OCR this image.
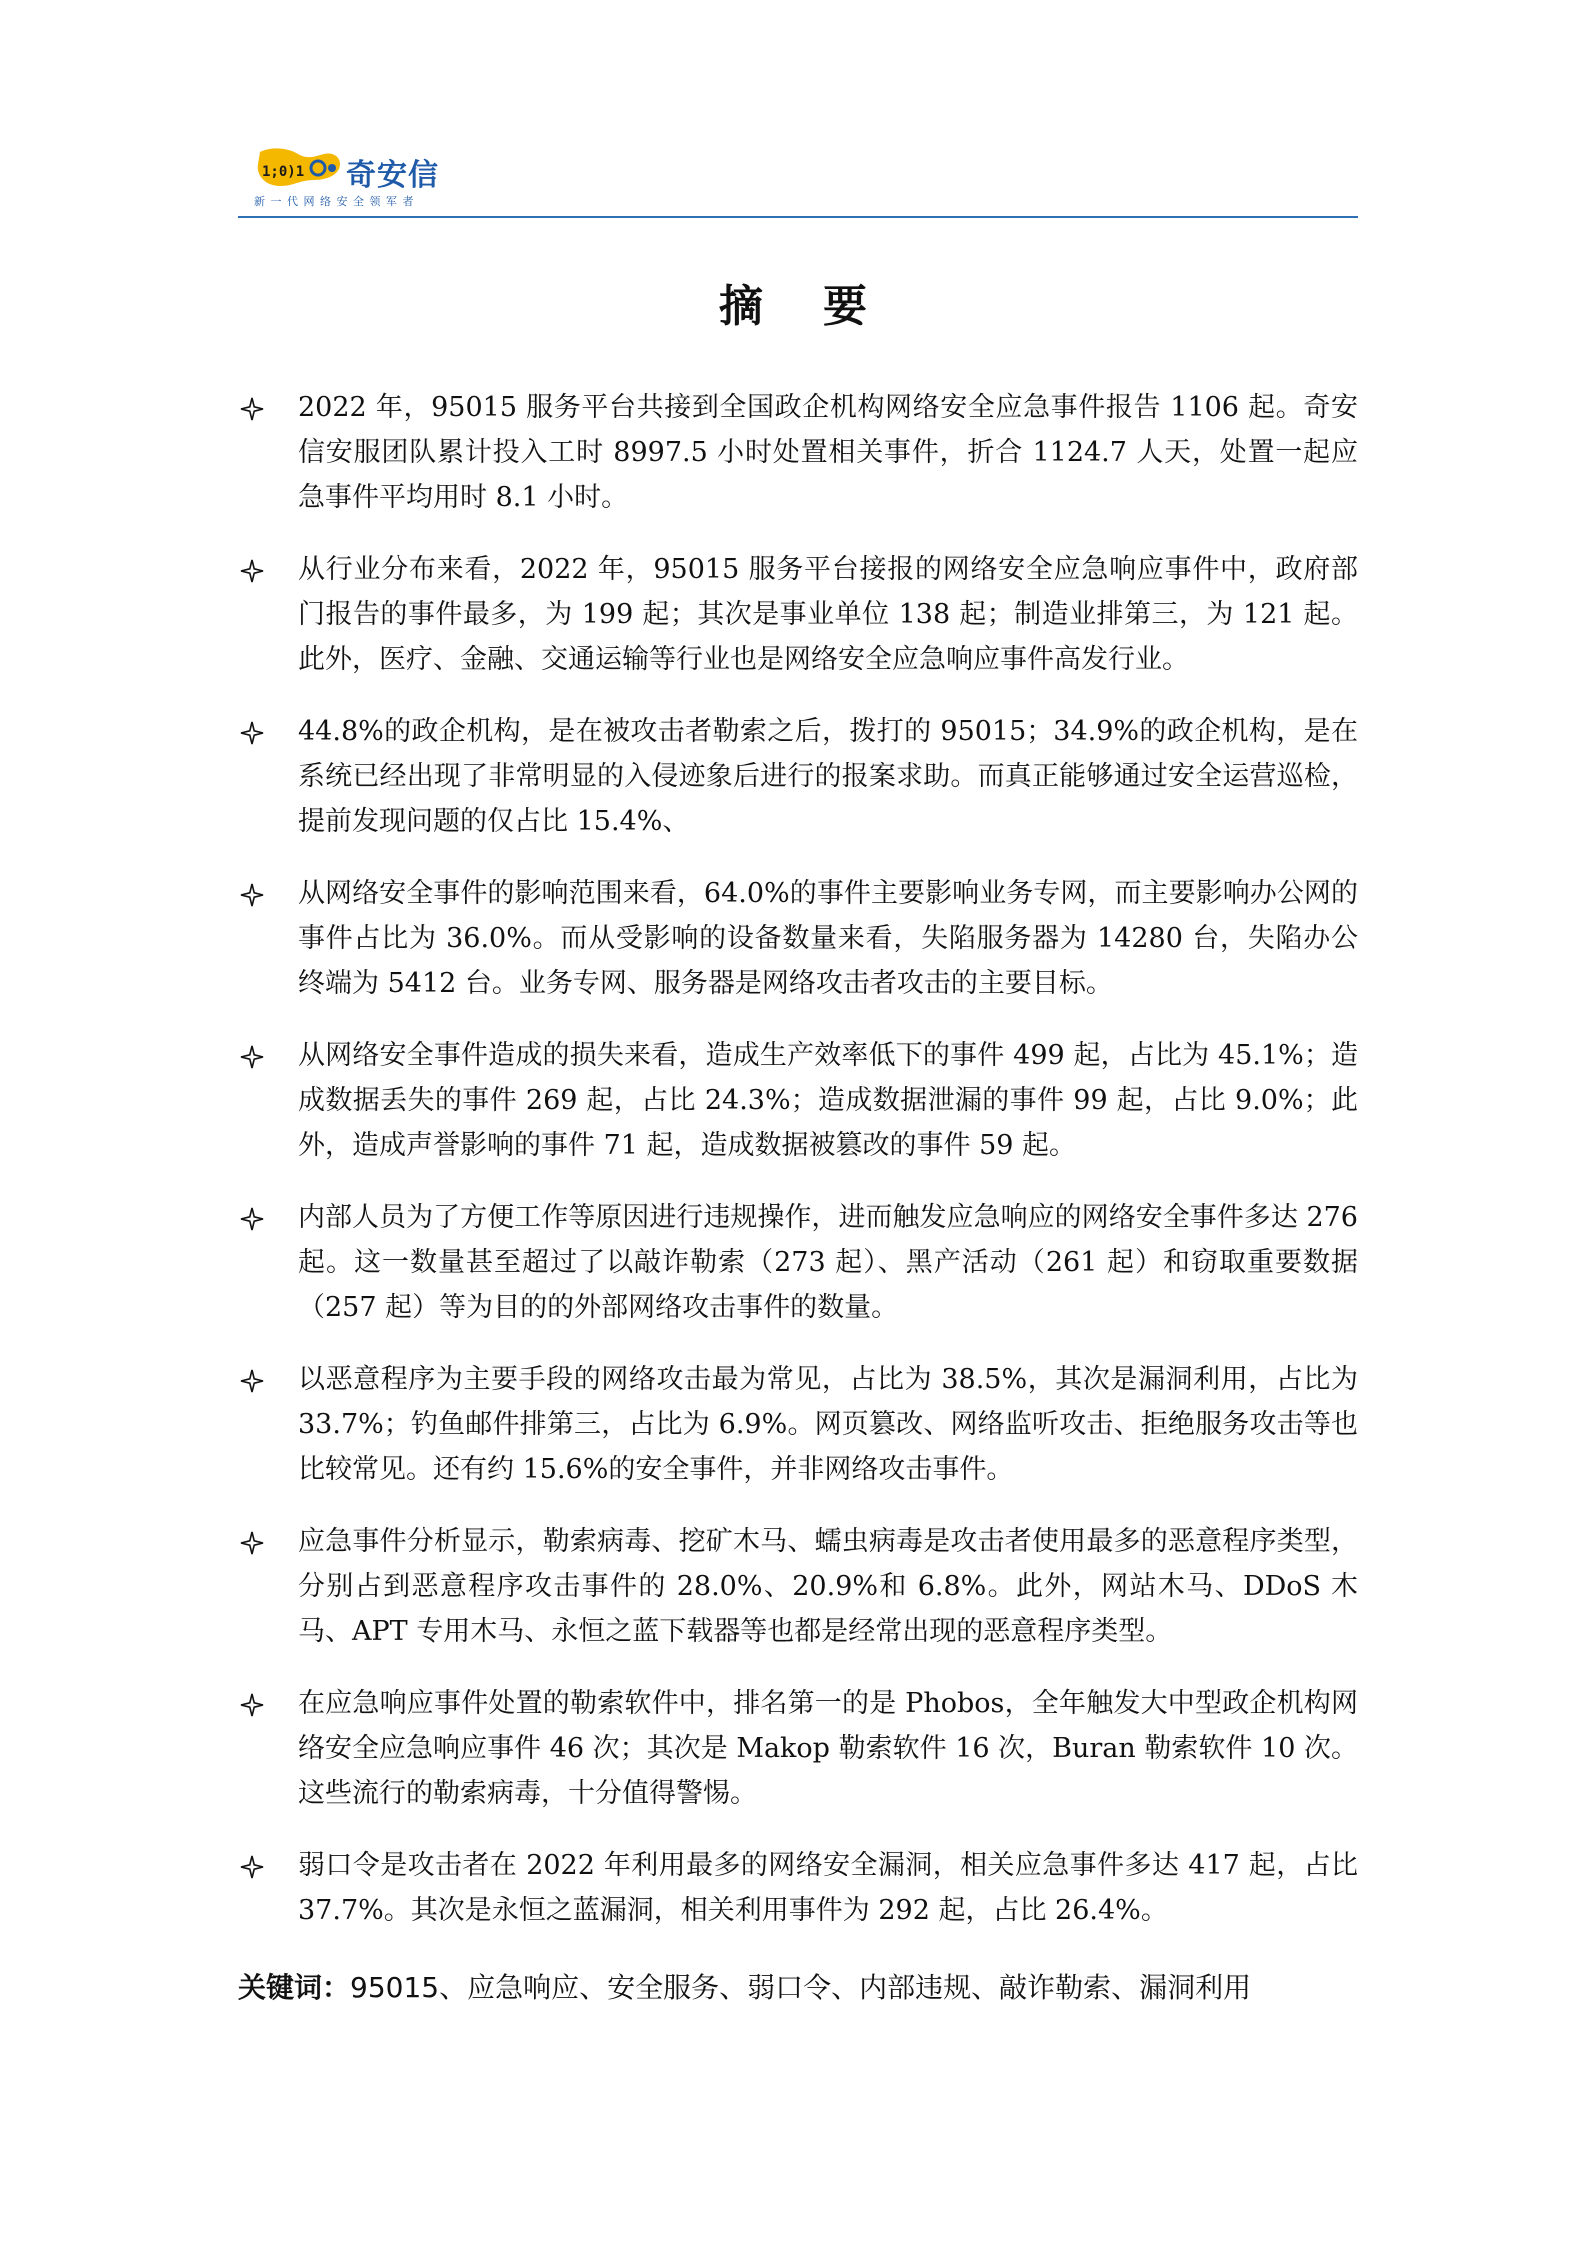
1;0)1 奇安信
新一代网络安全领军者
摘要
2022 年，95015 服务平台共接到全国政企机构网络安全应急事件报告 1106 起。奇安信安服团队累计投入工时 8997.5 小时处置相关事件，折合 1124.7 人天，处置一起应急事件平均用时 8.1 小时。
从行业分布来看，2022 年，95015 服务平台接报的网络安全应急响应事件中，政府部门报告的事件最多，为 199 起；其次是事业单位 138 起；制造业排第三，为 121 起。此外，医疗、金融、交通运输等行业也是网络安全应急响应事件高发行业。
44.8%的政企机构，是在被攻击者勒索之后，拨打的 95015；34.9%的政企机构，是在系统已经出现了非常明显的入侵迹象后进行的报案求助。而真正能够通过安全运营巡检，提前发现问题的仅占比 15.4%、
从网络安全事件的影响范围来看，64.0%的事件主要影响业务专网，而主要影响办公网的事件占比为 36.0%。而从受影响的设备数量来看，失陷服务器为 14280 台，失陷办公终端为 5412 台。业务专网、服务器是网络攻击者攻击的主要目标。
从网络安全事件造成的损失来看，造成生产效率低下的事件 499 起，占比为 45.1%；造成数据丢失的事件 269 起，占比 24.3%；造成数据泄漏的事件 99 起，占比 9.0%；此外，造成声誉影响的事件 71 起，造成数据被篡改的事件 59 起。
内部人员为了方便工作等原因进行违规操作，进而触发应急响应的网络安全事件多达 276 起。这一数量甚至超过了以敲诈勒索（273 起）、黑产活动（261 起）和窃取重要数据（257 起）等为目的的外部网络攻击事件的数量。
以恶意程序为主要手段的网络攻击最为常见，占比为 38.5%，其次是漏洞利用，占比为 33.7%；钓鱼邮件排第三，占比为 6.9%。网页篡改、网络监听攻击、拒绝服务攻击等也比较常见。还有约 15.6%的安全事件，并非网络攻击事件。
应急事件分析显示，勒索病毒、挖矿木马、蠕虫病毒是攻击者使用最多的恶意程序类型，分别占到恶意程序攻击事件的 28.0%、20.9%和 6.8%。此外，网站木马、DDoS 木马、APT 专用木马、永恒之蓝下载器等也都是经常出现的恶意程序类型。
在应急响应事件处置的勒索软件中，排名第一的是 Phobos，全年触发大中型政企机构网络安全应急响应事件 46 次；其次是 Makop 勒索软件 16 次，Buran 勒索软件 10 次。这些流行的勒索病毒，十分值得警惕。
弱口令是攻击者在 2022 年利用最多的网络安全漏洞，相关应急事件多达 417 起，占比 37.7%。其次是永恒之蓝漏洞，相关利用事件为 292 起，占比 26.4%。
关键词：95015、应急响应、安全服务、弱口令、内部违规、敲诈勒索、漏洞利用
